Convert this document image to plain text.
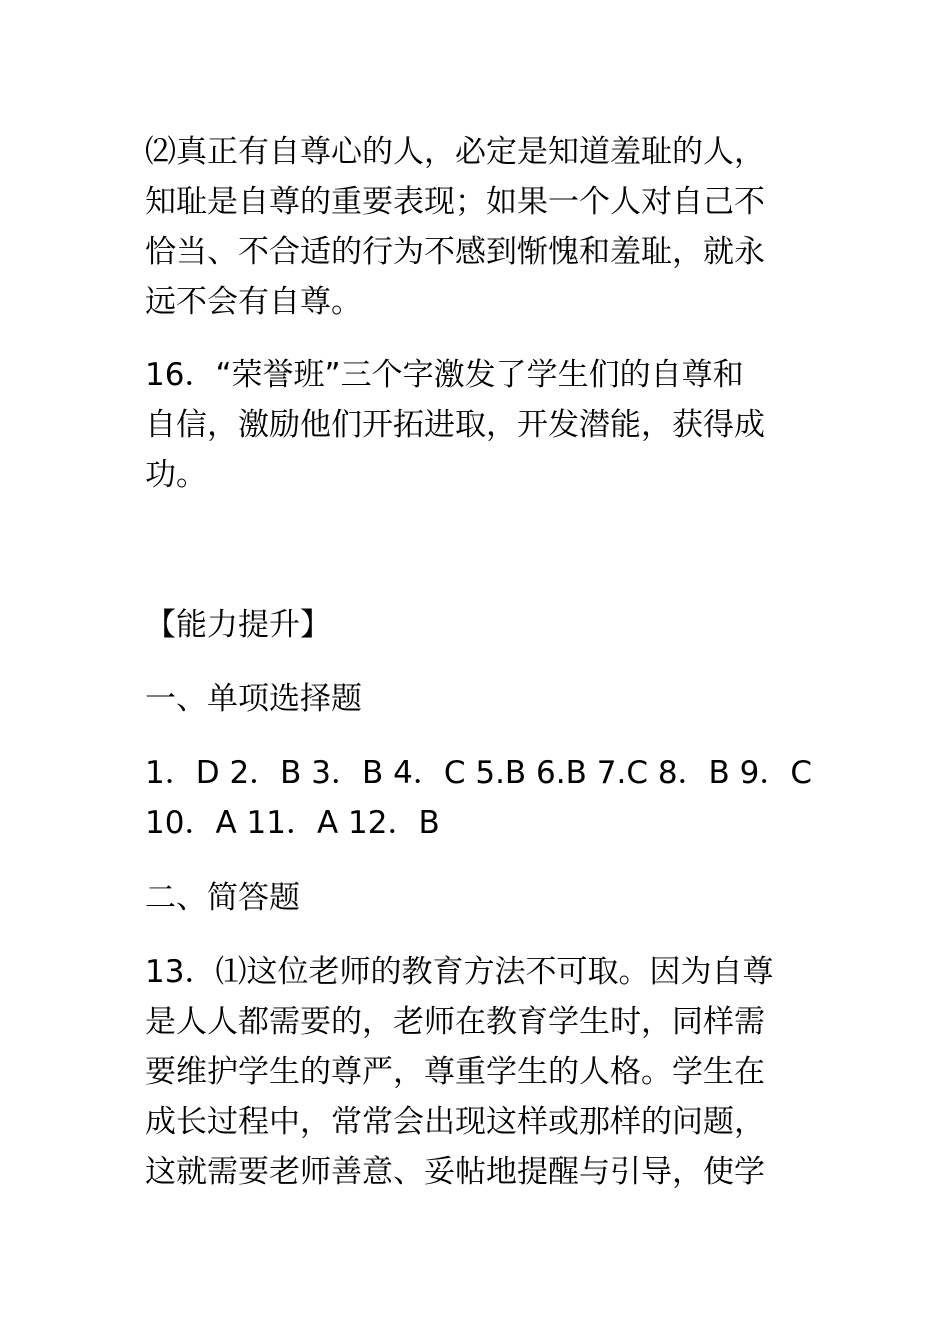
⑵真正有自尊心的人，必定是知道羞耻的人，
知耻是自尊的重要表现；如果一个人对自己不
恰当、不合适的行为不感到惭愧和羞耻，就永
远不会有自尊。
16．“荣誉班”三个字激发了学生们的自尊和
自信，激励他们开拓进取，开发潜能，获得成
功。
【能力提升】
一、单项选择题
1．D 2．B 3．B 4．C 5.B 6.B 7.C 8．B 9．C
10．A 11．A 12．B
二、简答题
13．⑴这位老师的教育方法不可取。因为自尊
是人人都需要的，老师在教育学生时，同样需
要维护学生的尊严，尊重学生的人格。学生在
成长过程中，常常会出现这样或那样的问题，
这就需要老师善意、妥帖地提醒与引导，使学
